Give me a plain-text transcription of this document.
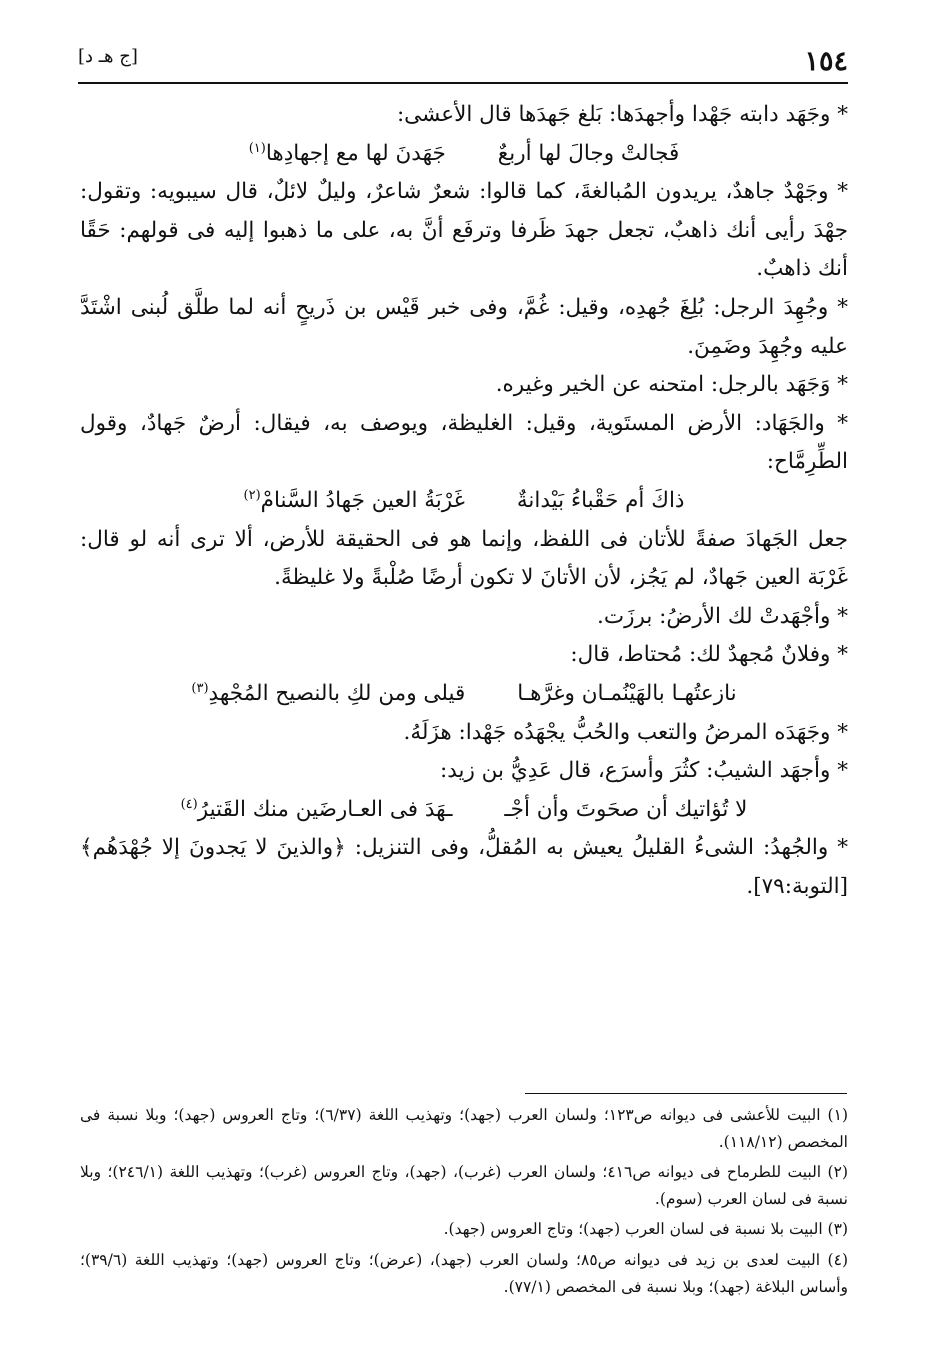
١٥٤
[ج هـ د]

* وجَهَد دابته جَهْدا وأجهدَها: بَلغ جَهدَها قال الأعشى:

فَجالتْ وجالَ لها أربعٌ
جَهَدنَ لها مع إجهادِها$^{(١)}$

* وجَهْدٌ جاهدٌ، يريدون المُبالغةَ، كما قالوا: شعرٌ شاعرٌ، وليلٌ لائلٌ، قال سيبويه: وتقول: جهْدَ رأيى أنك ذاهبٌ، تجعل جهدَ ظَرفا وترفَع أنَّ به، على ما ذهبوا إليه فى قولهم: حَقًا أنك ذاهبٌ.

* وجُهِدَ الرجل: بُلِغَ جُهدِه، وقيل: غُمَّ، وفى خبر قَيْس بن ذَريحٍ أنه لما طلَّق لُبنى اشْتَدَّ عليه وجُهِدَ وضَمِنَ.

* وَجَهَد بالرجل: امتحنه عن الخير وغيره.

* والجَهَاد: الأرض المستَوية، وقيل: الغليظة، ويوصف به، فيقال: أرضٌ جَهادٌ، وقول الطِّرِمَّاح:

ذاكَ أم حَقْباءُ بَيْدانةٌ
غَرْبَةُ العين جَهادُ السَّنامْ$^{(٢)}$

جعل الجَهادَ صفةً للأتان فى اللفظ، وإنما هو فى الحقيقة للأرض، ألا ترى أنه لو قال: غَرْبَة العين جَهادٌ، لم يَجُز، لأن الأتانَ لا تكون أرضًا صُلْبةً ولا غليظةً.

* وأجْهَدتْ لك الأرضُ: برزَت.

* وفلانٌ مُجهدٌ لك: مُحتاط، قال:

نازعتُهـا بالهَيْنُمـان وغرَّهـا
قيلى ومن لكِ بالنصيح المُجْهدِ$^{(٣)}$

* وجَهَدَه المرضُ والتعب والحُبُّ يجْهَدُه جَهْدا: هزَلَهُ.

* وأجهَد الشيبُ: كثُرَ وأسرَع، قال عَدِيُّ بن زيد:

لا تُؤاتيك أن صحَوتَ وأن أجْـ
ـهَدَ فى العـارضَين منك القَتيرُ$^{(٤)}$

* والجُهدُ: الشىءُ القليلُ يعيش به المُقلُّ، وفى التنزيل: ﴿والذينَ لا يَجدونَ إلا جُهْدَهُم﴾ [التوبة:٧٩].

(١) البيت للأعشى فى ديوانه ص١٢٣؛ ولسان العرب (جهد)؛ وتهذيب اللغة (٦/٣٧)؛ وتاج العروس (جهد)؛ وبلا نسبة فى المخصص (١١٨/١٢).

(٢) البيت للطرماح فى ديوانه ص٤١٦؛ ولسان العرب (غرب)، (جهد)، وتاج العروس (غرب)؛ وتهذيب اللغة (٢٤٦/١)؛ وبلا نسبة فى لسان العرب (سوم).

(٣) البيت بلا نسبة فى لسان العرب (جهد)؛ وتاج العروس (جهد).

(٤) البيت لعدى بن زيد فى ديوانه ص٨٥؛ ولسان العرب (جهد)، (عرض)؛ وتاج العروس (جهد)؛ وتهذيب اللغة (٣٩/٦)؛ وأساس البلاغة (جهد)؛ وبلا نسبة فى المخصص (٧٧/١).
